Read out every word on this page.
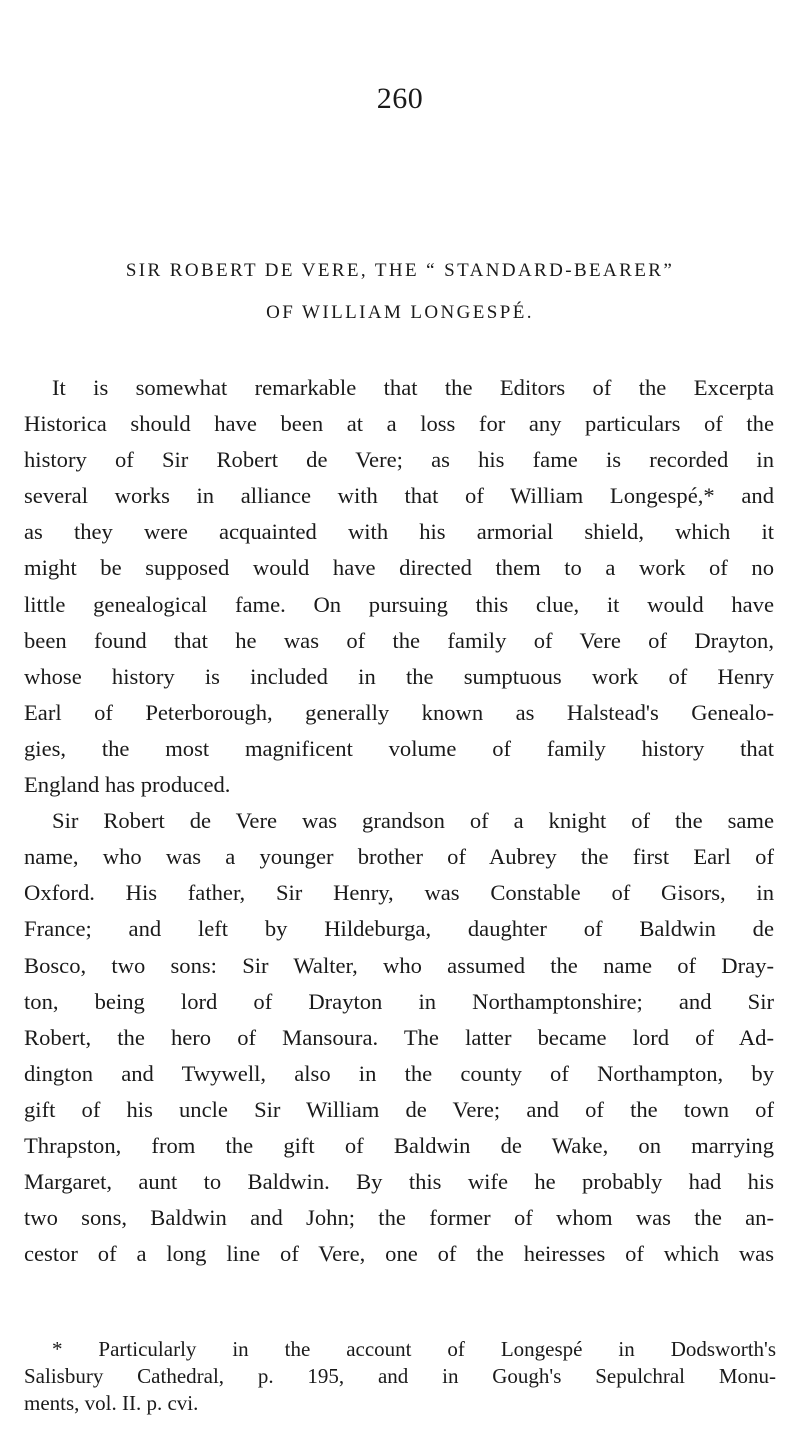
260
SIR ROBERT DE VERE, THE “ STANDARD-BEARER”
OF WILLIAM LONGESPÉ.
It is somewhat remarkable that the Editors of the Excerpta
Historica should have been at a loss for any particulars of the
history of Sir Robert de Vere; as his fame is recorded in
several works in alliance with that of William Longespé,* and
as they were acquainted with his armorial shield, which it
might be supposed would have directed them to a work of no
little genealogical fame. On pursuing this clue, it would have
been found that he was of the family of Vere of Drayton,
whose history is included in the sumptuous work of Henry
Earl of Peterborough, generally known as Halstead's Genealo-
gies, the most magnificent volume of family history that
England has produced.
Sir Robert de Vere was grandson of a knight of the same
name, who was a younger brother of Aubrey the first Earl of
Oxford. His father, Sir Henry, was Constable of Gisors, in
France; and left by Hildeburga, daughter of Baldwin de
Bosco, two sons: Sir Walter, who assumed the name of Dray-
ton, being lord of Drayton in Northamptonshire; and Sir
Robert, the hero of Mansoura. The latter became lord of Ad-
dington and Twywell, also in the county of Northampton, by
gift of his uncle Sir William de Vere; and of the town of
Thrapston, from the gift of Baldwin de Wake, on marrying
Margaret, aunt to Baldwin. By this wife he probably had his
two sons, Baldwin and John; the former of whom was the an-
cestor of a long line of Vere, one of the heiresses of which was
* Particularly in the account of Longespé in Dodsworth's
Salisbury Cathedral, p. 195, and in Gough's Sepulchral Monu-
ments, vol. II. p. cvi.
